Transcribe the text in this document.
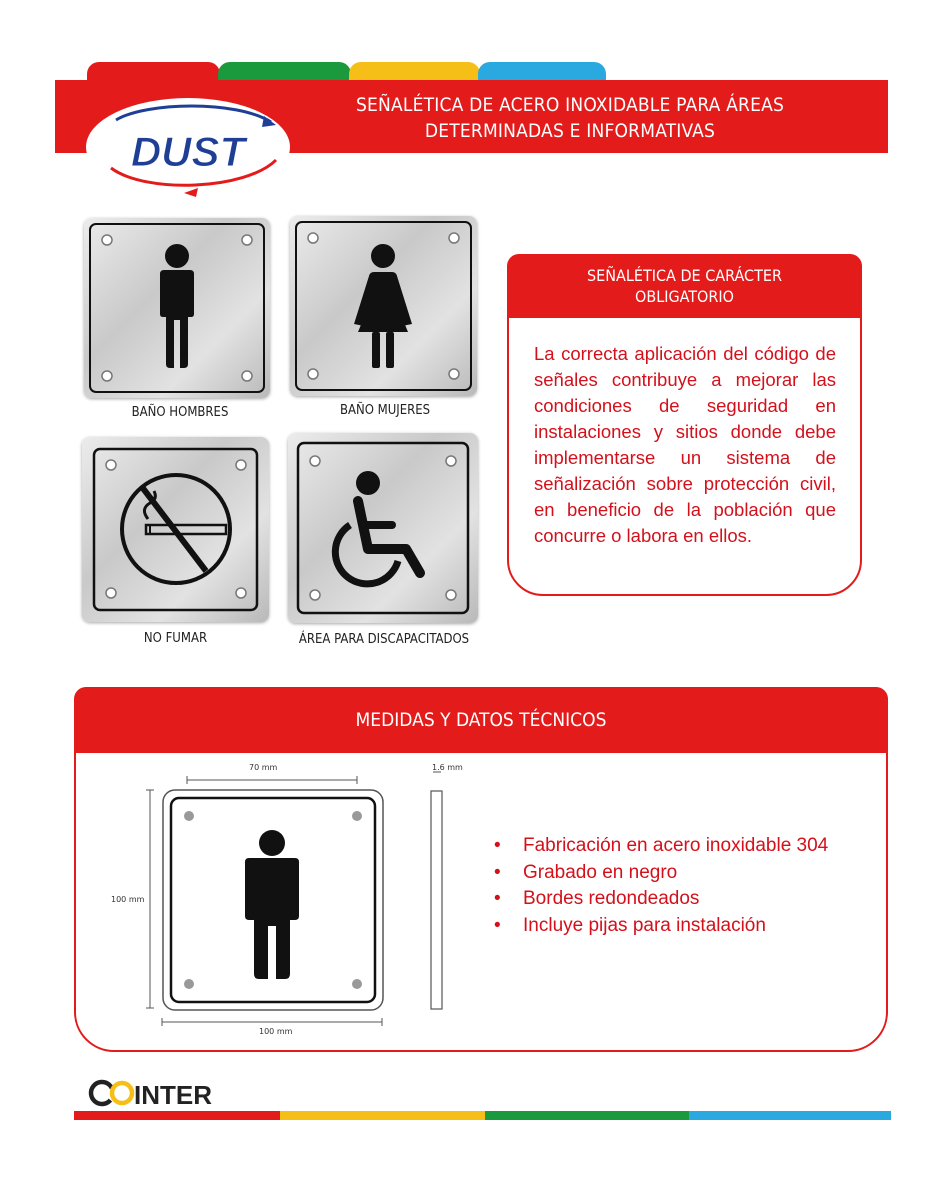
SEÑALÉTICA DE ACERO INOXIDABLE PARA ÁREAS
DETERMINADAS E INFORMATIVAS
DUST
BAÑO HOMBRES	BAÑO MUJERES
NO FUMAR	ÁREA PARA DISCAPACITADOS
SEÑALÉTICA DE CARÁCTER
OBLIGATORIO
La correcta aplicación del código de señales contribuye a mejorar las condiciones de seguridad en instalaciones y sitios donde debe implementarse un sistema de señalización sobre protección civil, en beneficio de la población que concurre o labora en ellos.
MEDIDAS Y DATOS TÉCNICOS
70 mm	1.6 mm
100 mm
100 mm
• Fabricación en acero inoxidable 304
• Grabado en negro
• Bordes redondeados
• Incluye pijas para instalación
INTER
